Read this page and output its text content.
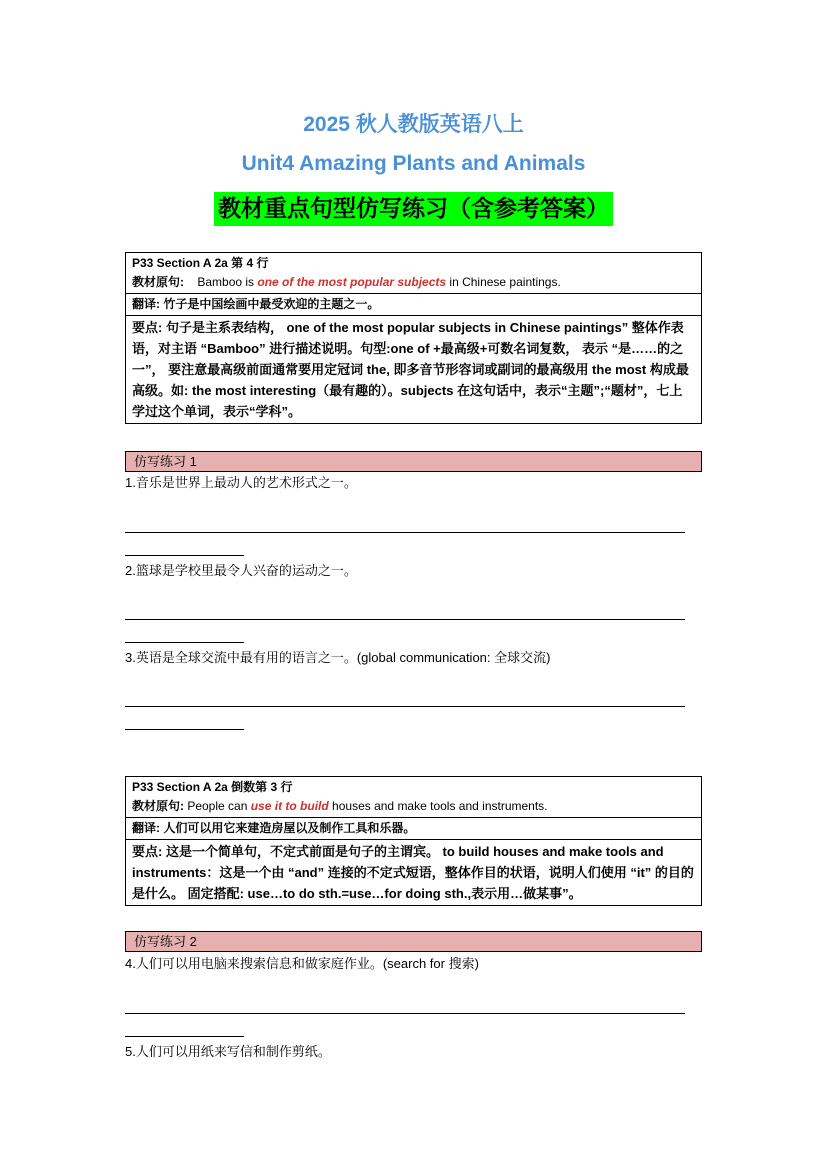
2025 秋人教版英语八上
Unit4 Amazing Plants and Animals
教材重点句型仿写练习（含参考答案）
P33 Section A 2a 第 4 行
教材原句: Bamboo is one of the most popular subjects in Chinese paintings.
翻译: 竹子是中国绘画中最受欢迎的主题之一。
要点: 句子是主系表结构， one of the most popular subjects in Chinese paintings” 整体作表语，对主语 “Bamboo” 进行描述说明。句型:one of +最高级+可数名词复数， 表示 “是……的之一”， 要注意最高级前面通常要用定冠词 the, 即多音节形容词或副词的最高级用 the most 构成最高级。如: the most interesting（最有趣的）。subjects 在这句话中，表示“主题”;“题材”，七上学过这个单词，表示“学科”。
仿写练习 1
1.音乐是世界上最动人的艺术形式之一。
2.篮球是学校里最令人兴奋的运动之一。
3.英语是全球交流中最有用的语言之一。(global communication: 全球交流)
P33 Section A 2a 倒数第 3 行
教材原句: People can use it to build houses and make tools and instruments.
翻译: 人们可以用它来建造房屋以及制作工具和乐器。
要点: 这是一个简单句，不定式前面是句子的主谓宾。 to build houses and make tools and instruments：这是一个由 “and” 连接的不定式短语，整体作目的状语，说明人们使用 “it” 的目的是什么。 固定搭配: use…to do sth.=use…for doing sth.,表示用…做某事”。
仿写练习 2
4.人们可以用电脑来搜索信息和做家庭作业。(search for 搜索)
5.人们可以用纸来写信和制作剪纸。
